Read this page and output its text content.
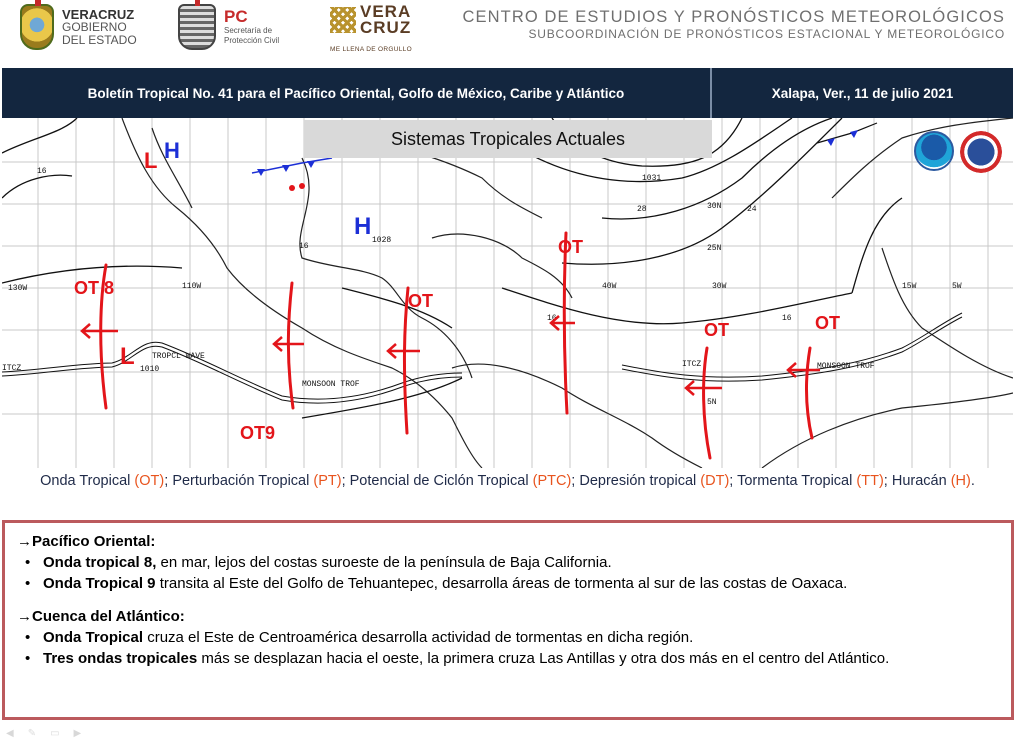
VERACRUZ
GOBIERNO
DEL ESTADO
PC
Secretaría de
Protección Civil
VERA
CRUZ
ME LLENA DE ORGULLO
CENTRO DE ESTUDIOS Y PRONÓSTICOS METEOROLÓGICOS
SUBCOORDINACIÓN DE PRONÓSTICOS ESTACIONAL Y METEOROLÓGICO
Boletín Tropical No. 41 para el Pacífico Oriental, Golfo de México, Caribe y Atlántico	Xalapa, Ver., 11 de julio 2021
H
L
L H
1028
1010
1031
130W	110W	40W	30W	15W	5W
30N
25N
5N
16
16
16
28	24
16
TROPCL WAVE
MONSOON TROF
ITCZ	MONSOON TROF
ITCZ
Sistemas Tropicales Actuales
OT 8
OT9
OT
OT
OT	OT
Onda Tropical (OT); Perturbación Tropical (PT); Potencial de Ciclón Tropical (PTC); Depresión tropical (DT); Tormenta Tropical (TT); Huracán (H).
→Pacífico Oriental:
• Onda tropical 8, en mar, lejos del costas suroeste de la península de Baja California.
• Onda Tropical 9 transita al Este del Golfo de Tehuantepec, desarrolla áreas de tormenta al sur de las costas de Oaxaca.
→Cuenca del Atlántico:
• Onda Tropical cruza el Este de Centroamérica desarrolla actividad de tormentas en dicha región.
• Tres ondas tropicales más se desplazan hacia el oeste, la primera cruza Las Antillas y otra dos más en el centro del Atlántico.
◀ ✎ ▭ ▶
